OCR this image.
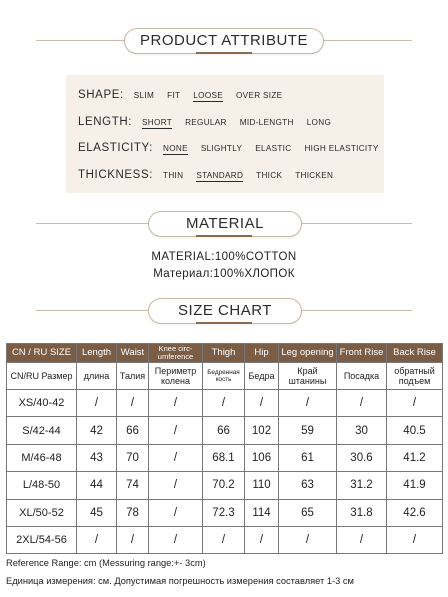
PRODUCT ATTRIBUTE
SHAPE: SLIM FIT LOOSE OVER SIZE
LENGTH: SHORT REGULAR MID-LENGTH LONG
ELASTICITY: NONE SLIGHTLY ELASTIC HIGH ELASTICITY
THICKNESS: THIN STANDARD THICK THICKEN
MATERIAL
MATERIAL:100%COTTON
Материал:100%ХЛОПОК
SIZE CHART
CN / RU SIZE	Length	Waist	Knee circ-umference	Thigh	Hip	Leg opening	Front Rise	Back Rise
CN/RU Размер	длина	Талия	Периметр колена	Бедренная кость	Бедра	Край штанины	Посадка	обратный подъем
XS/40-42	/	/	/	/	/	/	/	/
S/42-44	42	66	/	66	102	59	30	40.5
M/46-48	43	70	/	68.1	106	61	30.6	41.2
L/48-50	44	74	/	70.2	110	63	31.2	41.9
XL/50-52	45	78	/	72.3	114	65	31.8	42.6
2XL/54-56	/	/	/	/	/	/	/	/
Reference Range: cm (Messuring range:+- 3cm)
Единица измерения: см. Допустимая погрешность измерения составляет 1-3 см
